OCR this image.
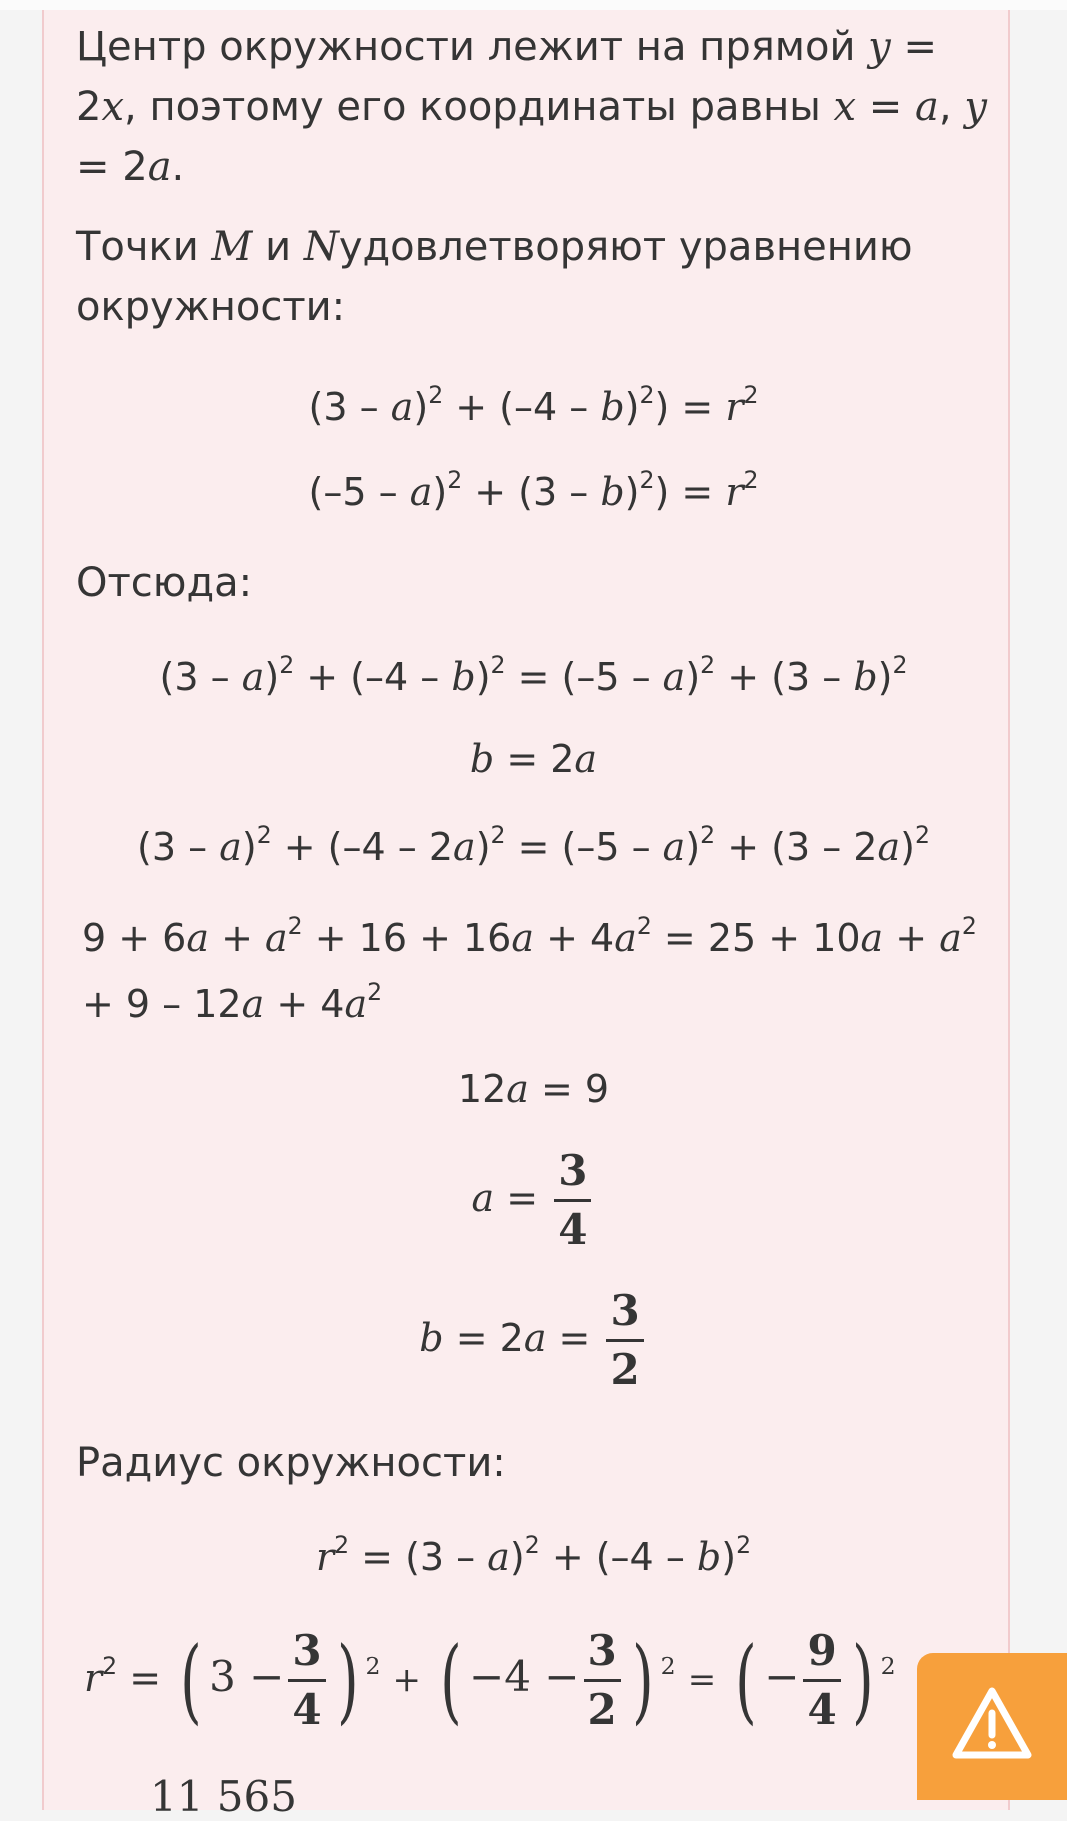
Центр окружности лежит на прямой y =
2x, поэтому его координаты равны x = a, y
= 2a.
Точки M и Nудовлетворяют уравнению
окружности:
$(3 - a)^2 + (-4 - b)^2) = r^2$
$(-5 - a)^2 + (3 - b)^2) = r^2$
Отсюда:
(3 – a)$^2$ + (–4 – b)$^2$ = (–5 – a)$^2$ + (3 – b)$^2$
b = 2a
(3 – a)$^2$ + (–4 – 2a)$^2$ = (–5 – a)$^2$ + (3 – 2a)$^2$
$9 + 6a + a^2 + 16 + 16a + 4a^2 = 25 + 10a + a^2$
+ $9 - 12a + 4a^2$
12a = 9
$a = \frac{3}{4}$
$b = 2a = \frac{3}{2}$
Радиус окружности:
$r^2 = (3 - a)^2 + (-4 - b)^2$
$r^2$ = ( $3 - \frac{3}{4}$ ) $^2$ + ( $-4 - \frac{3}{2}$ ) $^2$ = ( − $\frac{9}{4}$ ) $^2$
11 565
